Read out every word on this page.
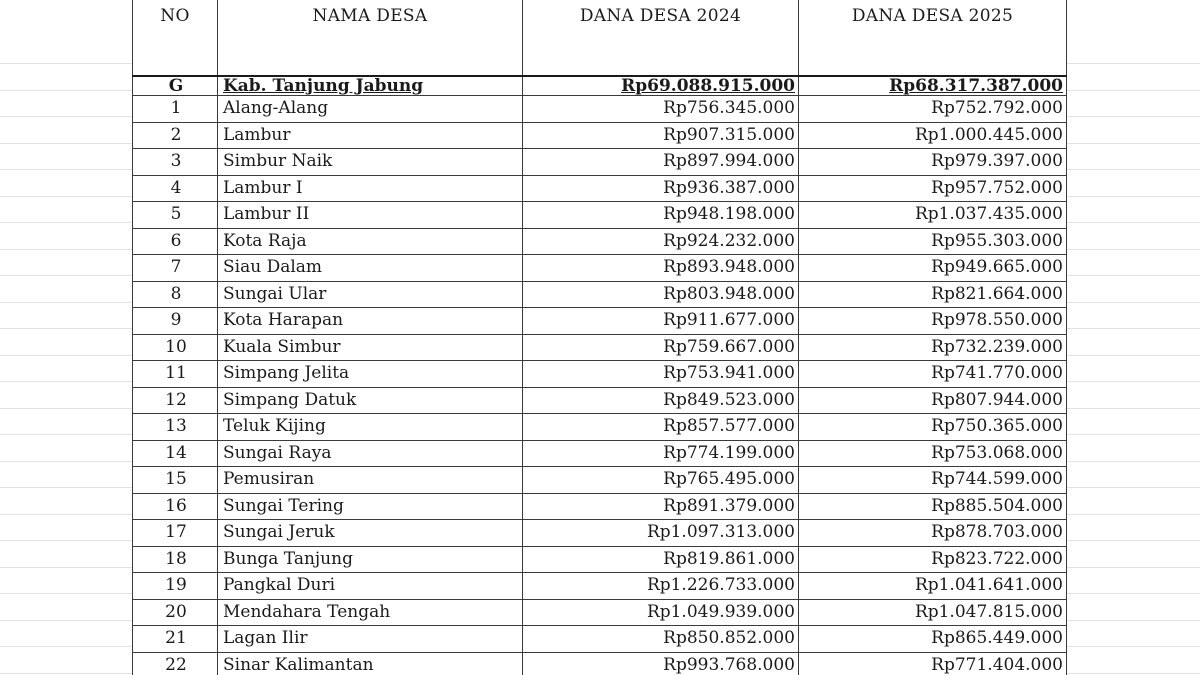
NO	NAMA DESA	DANA DESA 2024	DANA DESA 2025
G	Kab. Tanjung Jabung	Rp69.088.915.000	Rp68.317.387.000
1	Alang-Alang	Rp756.345.000	Rp752.792.000
2	Lambur	Rp907.315.000	Rp1.000.445.000
3	Simbur Naik	Rp897.994.000	Rp979.397.000
4	Lambur I	Rp936.387.000	Rp957.752.000
5	Lambur II	Rp948.198.000	Rp1.037.435.000
6	Kota Raja	Rp924.232.000	Rp955.303.000
7	Siau Dalam	Rp893.948.000	Rp949.665.000
8	Sungai Ular	Rp803.948.000	Rp821.664.000
9	Kota Harapan	Rp911.677.000	Rp978.550.000
10	Kuala Simbur	Rp759.667.000	Rp732.239.000
11	Simpang Jelita	Rp753.941.000	Rp741.770.000
12	Simpang Datuk	Rp849.523.000	Rp807.944.000
13	Teluk Kijing	Rp857.577.000	Rp750.365.000
14	Sungai Raya	Rp774.199.000	Rp753.068.000
15	Pemusiran	Rp765.495.000	Rp744.599.000
16	Sungai Tering	Rp891.379.000	Rp885.504.000
17	Sungai Jeruk	Rp1.097.313.000	Rp878.703.000
18	Bunga Tanjung	Rp819.861.000	Rp823.722.000
19	Pangkal Duri	Rp1.226.733.000	Rp1.041.641.000
20	Mendahara Tengah	Rp1.049.939.000	Rp1.047.815.000
21	Lagan Ilir	Rp850.852.000	Rp865.449.000
22	Sinar Kalimantan	Rp993.768.000	Rp771.404.000
